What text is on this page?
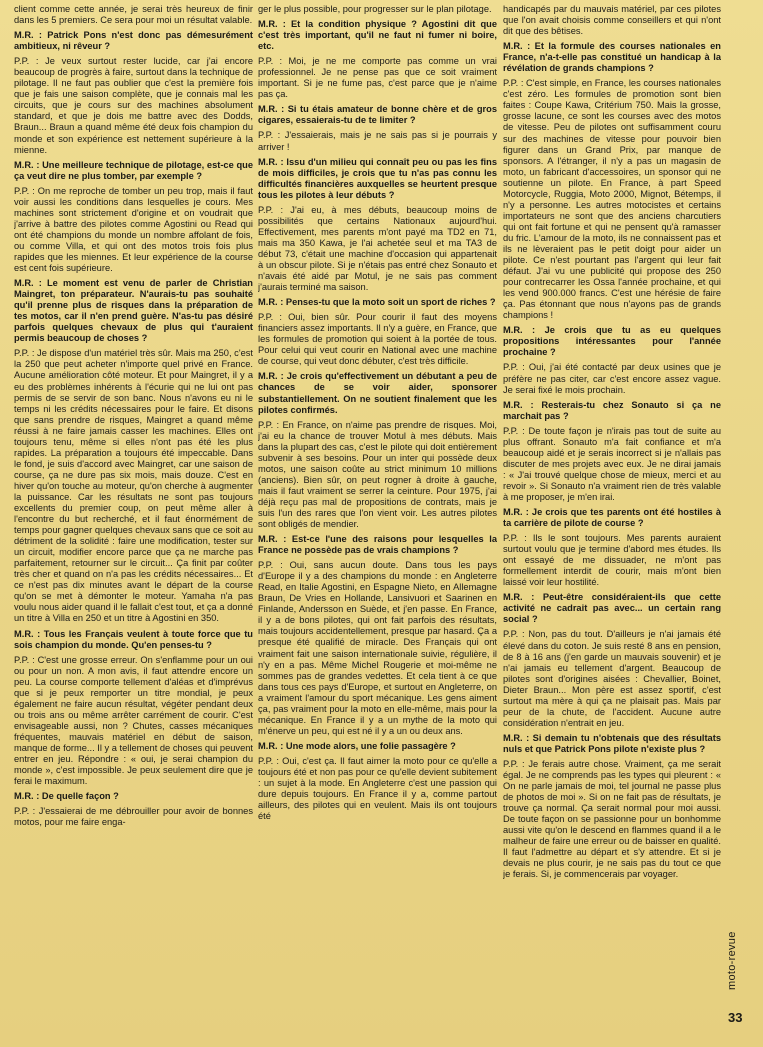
client comme cette année, je serai très heureux de finir dans les 5 premiers. Ce sera pour moi un résultat valable.

M.R. : Patrick Pons n'est donc pas démesurément ambitieux, ni rêveur ?

P.P. : Je veux surtout rester lucide, car j'ai encore beaucoup de progrès à faire, surtout dans la technique de pilotage. Il ne faut pas oublier que c'est la première fois que je fais une saison complète, que je connais mal les circuits, que je cours sur des machines absolument standard, et que je dois me battre avec des Dodds, Braun... Braun a quand même été deux fois champion du monde et son expérience est nettement supérieure à la mienne.

M.R. : Une meilleure technique de pilotage, est-ce que ça veut dire ne plus tomber, par exemple ?

P.P. : On me reproche de tomber un peu trop, mais il faut voir aussi les conditions dans lesquelles je cours. Mes machines sont strictement d'origine et on voudrait que j'arrive à battre des pilotes comme Agostini ou Read qui ont été champions du monde un nombre affolant de fois, ou comme Villa, et qui ont des motos trois fois plus rapides que les miennes. Et leur expérience de la course est cent fois supérieure.

M.R. : Le moment est venu de parler de Christian Maingret, ton préparateur. N'aurais-tu pas souhaité qu'il prenne plus de risques dans la préparation de tes motos, car il n'en prend guère. N'as-tu pas désiré parfois quelques chevaux de plus qui t'auraient permis beaucoup de choses ?

P.P. : Je dispose d'un matériel très sûr. Mais ma 250, c'est la 250 que peut acheter n'importe quel privé en France. Aucune amélioration côté moteur. Et pour Maingret, il y a eu des problèmes inhérents à l'écurie qui ne lui ont pas permis de se servir de son banc. Nous n'avons eu ni le temps ni les crédits nécessaires pour le faire. Et disons que sans prendre de risques, Maingret a quand même réussi à ne faire jamais casser les machines. Elles ont toujours tenu, même si elles n'ont pas été les plus rapides. La préparation a toujours été impeccable. Dans le fond, je suis d'accord avec Maingret, car une saison de course, ça ne dure pas six mois, mais douze. C'est en hiver qu'on touche au moteur, qu'on cherche à augmenter la puissance. Car les résultats ne sont pas toujours excellents du premier coup, on peut même aller à l'encontre du but recherché, et il faut énormément de temps pour gagner quelques chevaux sans que ce soit au détriment de la solidité : faire une modification, tester sur un circuit, modifier encore parce que ça ne marche pas parfaitement, retourner sur le circuit... Ça finit par coûter très cher et quand on n'a pas les crédits nécessaires... Et ce n'est pas dix minutes avant le départ de la course qu'on se met à démonter le moteur. Yamaha n'a pas voulu nous aider quand il le fallait c'est tout, et ça a donné un titre à Villa en 250 et un titre à Agostini en 350.

M.R. : Tous les Français veulent à toute force que tu sois champion du monde. Qu'en penses-tu ?

P.P. : C'est une grosse erreur. On s'enflamme pour un oui ou pour un non. A mon avis, il faut attendre encore un peu. La course comporte tellement d'aléas et d'imprévus que si je peux remporter un titre mondial, je peux également ne faire aucun résultat, végéter pendant deux ou trois ans ou même arrêter carrément de courir. C'est envisageable aussi, non ? Chutes, casses mécaniques fréquentes, mauvais matériel en début de saison, manque de forme... Il y a tellement de choses qui peuvent entrer en jeu. Répondre : « oui, je serai champion du monde », c'est impossible. Je peux seulement dire que je ferai le maximum.

M.R. : De quelle façon ?

P.P. : J'essaierai de me débrouiller pour avoir de bonnes motos, pour me faire enga-

ger le plus possible, pour progresser sur le plan pilotage.

M.R. : Et la condition physique ? Agostini dit que c'est très important, qu'il ne faut ni fumer ni boire, etc.

P.P. : Moi, je ne me comporte pas comme un vrai professionnel. Je ne pense pas que ce soit vraiment important. Si je ne fume pas, c'est parce que je n'aime pas ça.

M.R. : Si tu étais amateur de bonne chère et de gros cigares, essaierais-tu de te limiter ?

P.P. : J'essaierais, mais je ne sais pas si je pourrais y arriver !

M.R. : Issu d'un milieu qui connaît peu ou pas les fins de mois difficiles, je crois que tu n'as pas connu les difficultés financières auxquelles se heurtent presque tous les pilotes à leur débuts ?

P.P. : J'ai eu, à mes débuts, beaucoup moins de possibilités que certains Nationaux aujourd'hui. Effectivement, mes parents m'ont payé ma TD2 en 71, mais ma 350 Kawa, je l'ai achetée seul et ma TA3 de début 73, c'était une machine d'occasion qui appartenait à un obscur pilote. Si je n'étais pas entré chez Sonauto et n'avais été aidé par Motul, je ne sais pas comment j'aurais terminé ma saison.

M.R. : Penses-tu que la moto soit un sport de riches ?

P.P. : Oui, bien sûr. Pour courir il faut des moyens financiers assez importants. Il n'y a guère, en France, que les formules de promotion qui soient à la portée de tous. Pour celui qui veut courir en National avec une machine de course, qui veut donc débuter, c'est très difficile.

M.R. : Je crois qu'effectivement un débutant a peu de chances de se voir aider, sponsorer substantiellement. On ne soutient finalement que les pilotes confirmés.

P.P. : En France, on n'aime pas prendre de risques. Moi, j'ai eu la chance de trouver Motul à mes débuts. Mais dans la plupart des cas, c'est le pilote qui doit entièrement subvenir à ses besoins. Pour un inter qui possède deux motos, une saison coûte au strict minimum 10 millions (anciens). Bien sûr, on peut rogner à droite à gauche, mais il faut vraiment se serrer la ceinture. Pour 1975, j'ai déjà reçu pas mal de propositions de contrats, mais je suis l'un des rares que l'on vient voir. Les autres pilotes sont obligés de mendier.

M.R. : Est-ce l'une des raisons pour lesquelles la France ne possède pas de vrais champions ?

P.P. : Oui, sans aucun doute. Dans tous les pays d'Europe il y a des champions du monde : en Angleterre Read, en Italie Agostini, en Espagne Nieto, en Allemagne Braun, De Vries en Hollande, Lansivuori et Saarinen en Finlande, Andersson en Suède, et j'en passe. En France, il y a de bons pilotes, qui ont fait parfois des résultats, mais toujours accidentellement, presque par hasard. Ça a presque été qualifié de miracle. Des Français qui ont vraiment fait une saison internationale suivie, régulière, il n'y en a pas. Même Michel Rougerie et moi-même ne sommes pas de grandes vedettes. Et cela tient à ce que dans tous ces pays d'Europe, et surtout en Angleterre, on a vraiment l'amour du sport mécanique. Les gens aiment ça, pas vraiment pour la moto en elle-même, mais pour la mécanique. En France il y a un mythe de la moto qui m'énerve un peu, qui est né il y a un ou deux ans.

M.R. : Une mode alors, une folie passagère ?

P.P. : Oui, c'est ça. Il faut aimer la moto pour ce qu'elle a toujours été et non pas pour ce qu'elle devient subitement : un sujet à la mode. En Angleterre c'est une passion qui dure depuis toujours. En France il y a, comme partout ailleurs, des pilotes qui en veulent. Mais ils ont toujours été

handicapés par du mauvais matériel, par ces pilotes que l'on avait choisis comme conseillers et qui n'ont dit que des bêtises.

M.R. : Et la formule des courses nationales en France, n'a-t-elle pas constitué un handicap à la révélation de grands champions ?

P.P. : C'est simple, en France, les courses nationales c'est zéro. Les formules de promotion sont bien faites : Coupe Kawa, Critérium 750. Mais la grosse, grosse lacune, ce sont les courses avec des motos de vitesse. Peu de pilotes ont suffisamment couru sur des machines de vitesse pour pouvoir bien figurer dans un Grand Prix, par manque de sponsors. A l'étranger, il n'y a pas un magasin de moto, un fabricant d'accessoires, un sponsor qui ne soutienne un pilote. En France, à part Speed Motorcycle, Ruggia, Moto 2000, Mignot, Bétemps, il n'y a personne. Les autres motocistes et certains importateurs ne sont que des anciens charcutiers qui ont fait fortune et qui ne pensent qu'à ramasser du fric. L'amour de la moto, ils ne connaissent pas et ils ne lèveraient pas le petit doigt pour aider un pilote. Ce n'est pourtant pas l'argent qui leur fait défaut. J'ai vu une publicité qui propose des 250 pour contrecarrer les Ossa l'année prochaine, et qui les vend 900.000 francs. C'est une hérésie de faire ça. Pas étonnant que nous n'ayons pas de grands champions !

M.R. : Je crois que tu as eu quelques propositions intéressantes pour l'année prochaine ?

P.P. : Oui, j'ai été contacté par deux usines que je préfère ne pas citer, car c'est encore assez vague. Je serai fixé le mois prochain.

M.R. : Resterais-tu chez Sonauto si ça ne marchait pas ?

P.P. : De toute façon je n'irais pas tout de suite au plus offrant. Sonauto m'a fait confiance et m'a beaucoup aidé et je serais incorrect si je n'allais pas discuter de mes projets avec eux. Je ne dirai jamais : « J'ai trouvé quelque chose de mieux, merci et au revoir ». Si Sonauto n'a vraiment rien de très valable à me proposer, je m'en irai.

M.R. : Je crois que tes parents ont été hostiles à ta carrière de pilote de course ?

P.P. : Ils le sont toujours. Mes parents auraient surtout voulu que je termine d'abord mes études. Ils ont essayé de me dissuader, ne m'ont pas formellement interdit de courir, mais m'ont bien laissé voir leur hostilité.

M.R. : Peut-être considéraient-ils que cette activité ne cadrait pas avec... un certain rang social ?

P.P. : Non, pas du tout. D'ailleurs je n'ai jamais été élevé dans du coton. Je suis resté 8 ans en pension, de 8 à 16 ans (j'en garde un mauvais souvenir) et je n'ai jamais eu tellement d'argent. Beaucoup de pilotes sont d'origines aisées : Chevallier, Boinet, Dieter Braun... Mon père est assez sportif, c'est surtout ma mère à qui ça ne plaisait pas. Mais par peur de la chute, de l'accident. Aucune autre considération n'entrait en jeu.

M.R. : Si demain tu n'obtenais que des résultats nuls et que Patrick Pons pilote n'existe plus ?

P.P. : Je ferais autre chose. Vraiment, ça me serait égal. Je ne comprends pas les types qui pleurent : « On ne parle jamais de moi, tel journal ne passe plus de photos de moi ». Si on ne fait pas de résultats, je trouve ça normal. Ça serait normal pour moi aussi. De toute façon on se passionne pour un bonhomme aussi vite qu'on le descend en flammes quand il a le malheur de faire une erreur ou de baisser en qualité. Il faut l'admettre au départ et s'y attendre. Et si je devais ne plus courir, je ne sais pas du tout ce que je ferais. Si, je commencerais par voyager.

moto-revue
33
